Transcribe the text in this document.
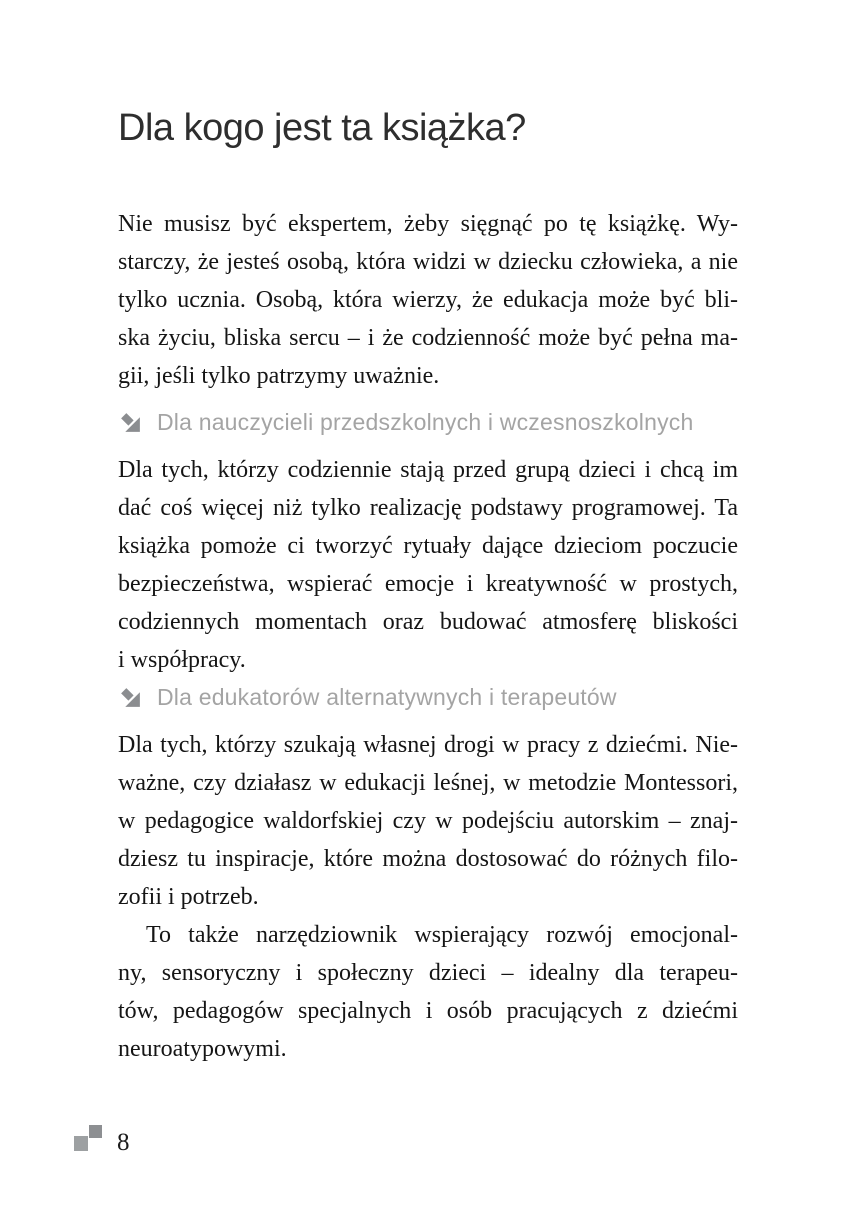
Dla kogo jest ta książka?
Nie musisz być ekspertem, żeby sięgnąć po tę książkę. Wy-
starczy, że jesteś osobą, która widzi w dziecku człowieka, a nie
tylko ucznia. Osobą, która wierzy, że edukacja może być bli-
ska życiu, bliska sercu – i że codzienność może być pełna ma-
gii, jeśli tylko patrzymy uważnie.
Dla nauczycieli przedszkolnych i wczesnoszkolnych
Dla tych, którzy codziennie stają przed grupą dzieci i chcą im
dać coś więcej niż tylko realizację podstawy programowej. Ta
książka pomoże ci tworzyć rytuały dające dzieciom poczucie
bezpieczeństwa, wspierać emocje i kreatywność w prostych,
codziennych momentach oraz budować atmosferę bliskości
i współpracy.
Dla edukatorów alternatywnych i terapeutów
Dla tych, którzy szukają własnej drogi w pracy z dziećmi. Nie-
ważne, czy działasz w edukacji leśnej, w metodzie Montessori,
w pedagogice waldorfskiej czy w podejściu autorskim – znaj-
dziesz tu inspiracje, które można dostosować do różnych filo-
zofii i potrzeb.
To także narzędziownik wspierający rozwój emocjonal-
ny, sensoryczny i społeczny dzieci – idealny dla terapeu-
tów, pedagogów specjalnych i osób pracujących z dziećmi
neuroatypowymi.
8
